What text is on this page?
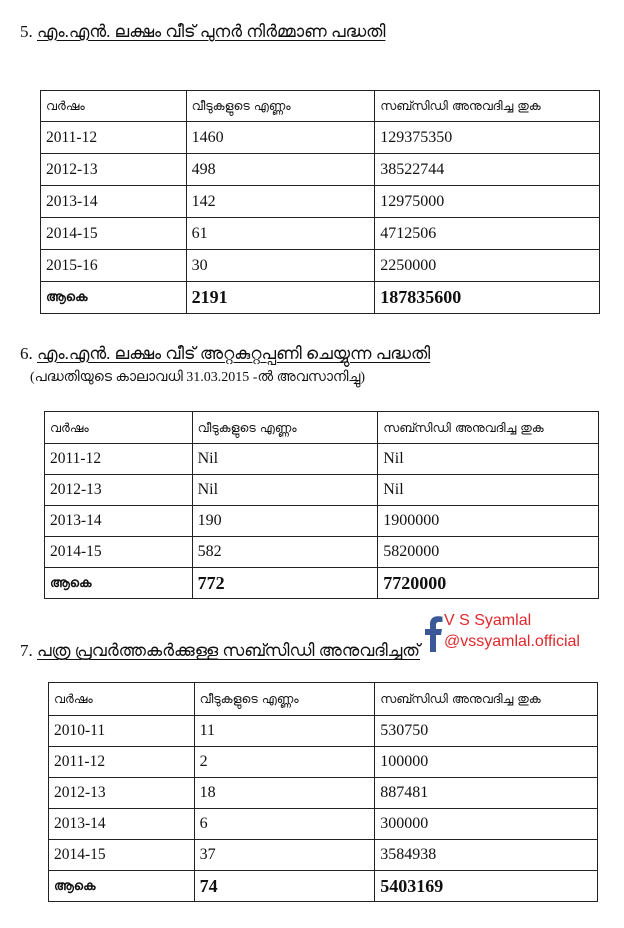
5. എം.എൻ. ലക്ഷം വീട് പുനർ നിർമ്മാണ പദ്ധതി
വർഷം	വീടുകളുടെ എണ്ണം	സബ്സിഡി അനുവദിച്ച തുക
2011-12	1460	129375350
2012-13	498	38522744
2013-14	142	12975000
2014-15	61	4712506
2015-16	30	2250000
ആകെ	2191	187835600
6. എം.എൻ. ലക്ഷം വീട് അറ്റകുറ്റപ്പണി ചെയ്യുന്ന പദ്ധതി
(പദ്ധതിയുടെ കാലാവധി 31.03.2015 -ൽ അവസാനിച്ചു)
വർഷം	വീടുകളുടെ എണ്ണം	സബ്സിഡി അനുവദിച്ച തുക
2011-12	Nil	Nil
2012-13	Nil	Nil
2013-14	190	1900000
2014-15	582	5820000
ആകെ	772	7720000
V S Syamlal
@vssyamlal.official
7. പത്ര പ്രവർത്തകർക്കുള്ള സബ്സിഡി അനുവദിച്ചത്
വർഷം	വീടുകളുടെ എണ്ണം	സബ്സിഡി അനുവദിച്ച തുക
2010-11	11	530750
2011-12	2	100000
2012-13	18	887481
2013-14	6	300000
2014-15	37	3584938
ആകെ	74	5403169
